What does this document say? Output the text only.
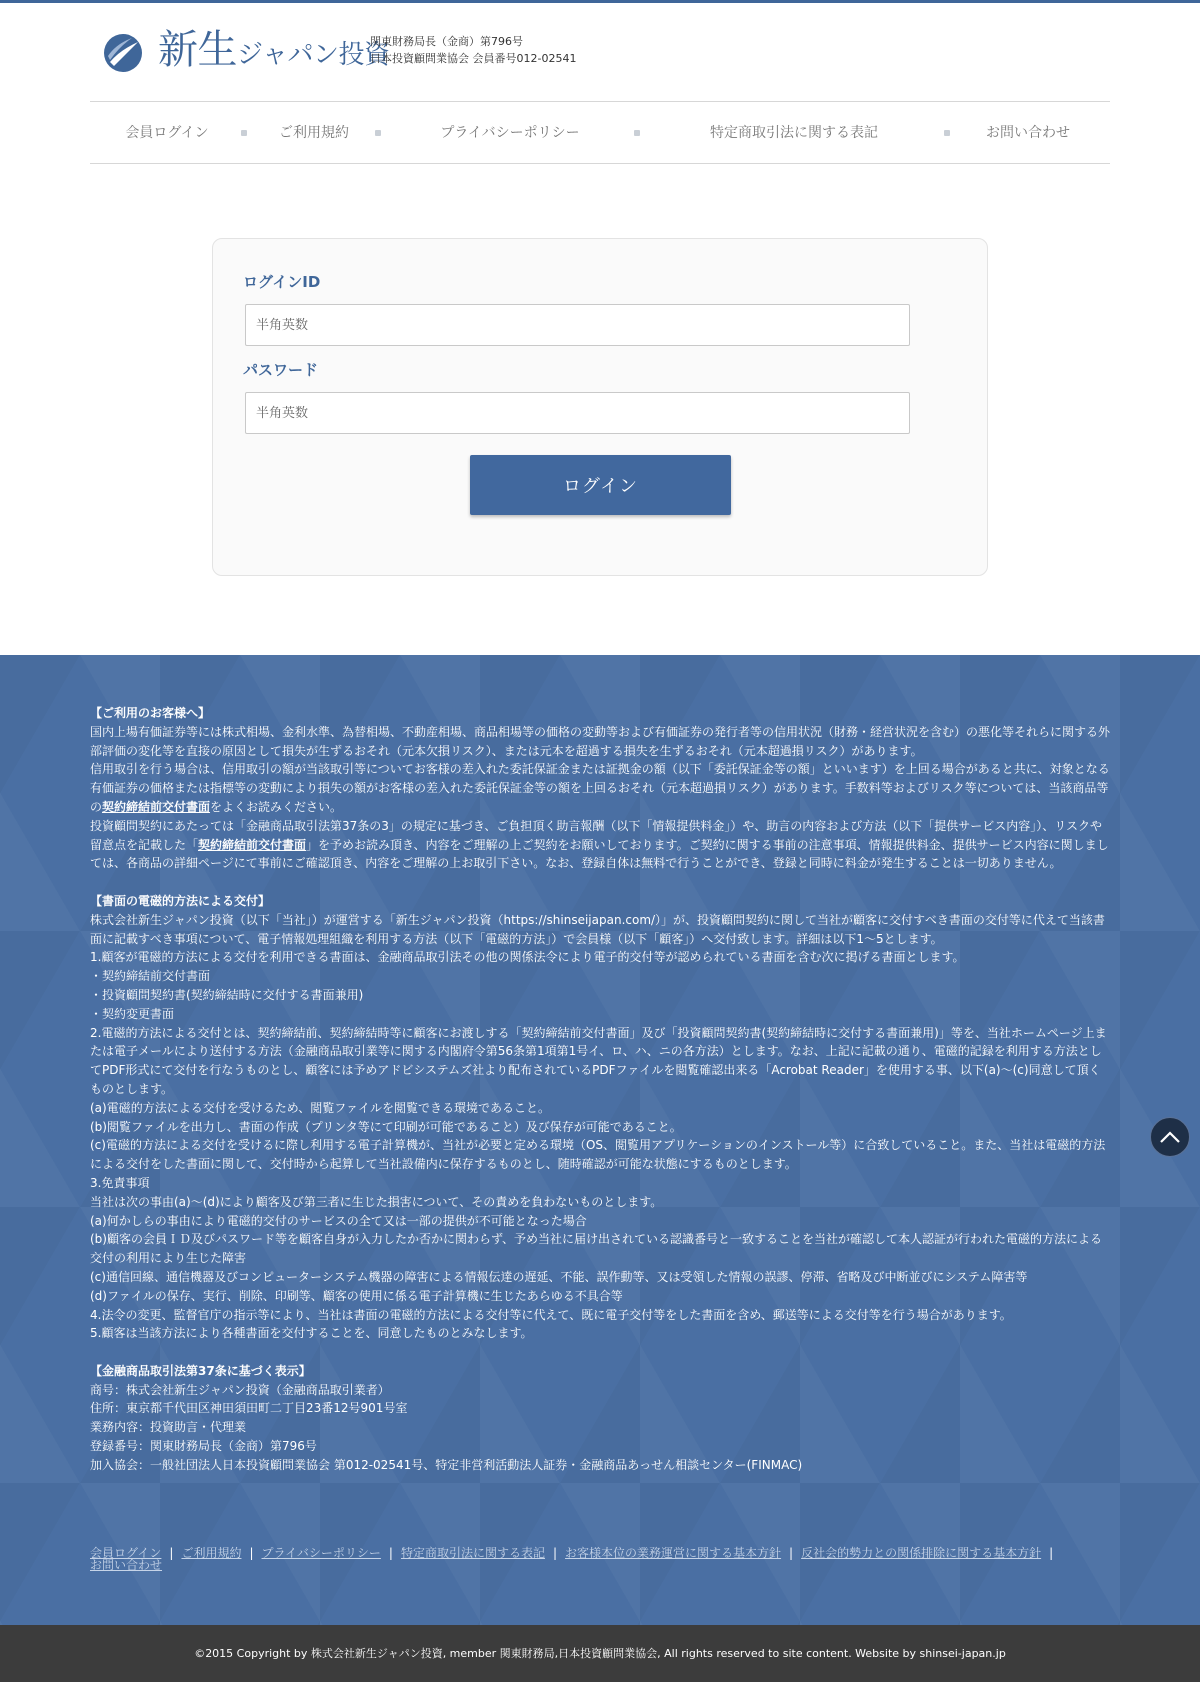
新生ジャパン投資
関東財務局長（金商）第796号
日本投資顧問業協会 会員番号012-02541
会員ログイン	ご利用規約	プライバシーポリシー	特定商取引法に関する表記	お問い合わせ
ログインID
半角英数
パスワード
ログイン
【ご利用のお客様へ】
国内上場有価証券等には株式相場、金利水準、為替相場、不動産相場、商品相場等の価格の変動等および有価証券の発行者等の信用状況（財務・経営状況を含む）の悪化等それらに関する外部評価の変化等を直接の原因として損失が生ずるおそれ（元本欠損リスク）、または元本を超過する損失を生ずるおそれ（元本超過損リスク）があります。
信用取引を行う場合は、信用取引の額が当該取引等についてお客様の差入れた委託保証金または証拠金の額（以下「委託保証金等の額」といいます）を上回る場合があると共に、対象となる有価証券の価格または指標等の変動により損失の額がお客様の差入れた委託保証金等の額を上回るおそれ（元本超過損リスク）があります。手数料等およびリスク等については、当該商品等の契約締結前交付書面をよくお読みください。
投資顧問契約にあたっては「金融商品取引法第37条の3」の規定に基づき、ご負担頂く助言報酬（以下「情報提供料金」）や、助言の内容および方法（以下「提供サービス内容」）、リスクや留意点を記載した「契約締結前交付書面」を予めお読み頂き、内容をご理解の上ご契約をお願いしております。ご契約に関する事前の注意事項、情報提供料金、提供サービス内容に関しましては、各商品の詳細ページにて事前にご確認頂き、内容をご理解の上お取引下さい。なお、登録自体は無料で行うことができ、登録と同時に料金が発生することは一切ありません。
【書面の電磁的方法による交付】
株式会社新生ジャパン投資（以下「当社」）が運営する「新生ジャパン投資（https://shinseijapan.com/）」が、投資顧問契約に関して当社が顧客に交付すべき書面の交付等に代えて当該書面に記載すべき事項について、電子情報処理組織を利用する方法（以下「電磁的方法」）で会員様（以下「顧客」）へ交付致します。詳細は以下1〜5とします。
1.顧客が電磁的方法による交付を利用できる書面は、金融商品取引法その他の関係法令により電子的交付等が認められている書面を含む次に掲げる書面とします。
・契約締結前交付書面
・投資顧問契約書(契約締結時に交付する書面兼用)
・契約変更書面
2.電磁的方法による交付とは、契約締結前、契約締結時等に顧客にお渡しする「契約締結前交付書面」及び「投資顧問契約書(契約締結時に交付する書面兼用)」等を、当社ホームページ上または電子メールにより送付する方法（金融商品取引業等に関する内閣府令第56条第1項第1号イ、ロ、ハ、ニの各方法）とします。なお、上記に記載の通り、電磁的記録を利用する方法としてPDF形式にて交付を行なうものとし、顧客には予めアドビシステムズ社より配布されているPDFファイルを閲覧確認出来る「Acrobat Reader」を使用する事、以下(a)〜(c)同意して頂くものとします。
(a)電磁的方法による交付を受けるため、閲覧ファイルを閲覧できる環境であること。
(b)閲覧ファイルを出力し、書面の作成（プリンタ等にて印刷が可能であること）及び保存が可能であること。
(c)電磁的方法による交付を受けるに際し利用する電子計算機が、当社が必要と定める環境（OS、閲覧用アプリケーションのインストール等）に合致していること。また、当社は電磁的方法による交付をした書面に関して、交付時から起算して当社設備内に保存するものとし、随時確認が可能な状態にするものとします。
3.免責事項
当社は次の事由(a)〜(d)により顧客及び第三者に生じた損害について、その責めを負わないものとします。
(a)何かしらの事由により電磁的交付のサービスの全て又は一部の提供が不可能となった場合
(b)顧客の会員ＩＤ及びパスワード等を顧客自身が入力したか否かに関わらず、予め当社に届け出されている認識番号と一致することを当社が確認して本人認証が行われた電磁的方法による交付の利用により生じた障害
(c)通信回線、通信機器及びコンピューターシステム機器の障害による情報伝達の遅延、不能、誤作動等、又は受領した情報の誤謬、停滞、省略及び中断並びにシステム障害等
(d)ファイルの保存、実行、削除、印刷等、顧客の使用に係る電子計算機に生じたあらゆる不具合等
4.法令の変更、監督官庁の指示等により、当社は書面の電磁的方法による交付等に代えて、既に電子交付等をした書面を含め、郵送等による交付等を行う場合があります。
5.顧客は当該方法により各種書面を交付することを、同意したものとみなします。
【金融商品取引法第37条に基づく表示】
商号：株式会社新生ジャパン投資（金融商品取引業者）
住所：東京都千代田区神田須田町二丁目23番12号901号室
業務内容：投資助言・代理業
登録番号：関東財務局長（金商）第796号
加入協会：一般社団法人日本投資顧問業協会 第012-02541号、特定非営利活動法人証券・金融商品あっせん相談センター(FINMAC)
会員ログイン | ご利用規約 | プライバシーポリシー | 特定商取引法に関する表記 | お客様本位の業務運営に関する基本方針 | 反社会的勢力との関係排除に関する基本方針 |
お問い合わせ
©2015 Copyright by 株式会社新生ジャパン投資, member 関東財務局,日本投資顧問業協会, All rights reserved to site content. Website by shinsei-japan.jp
